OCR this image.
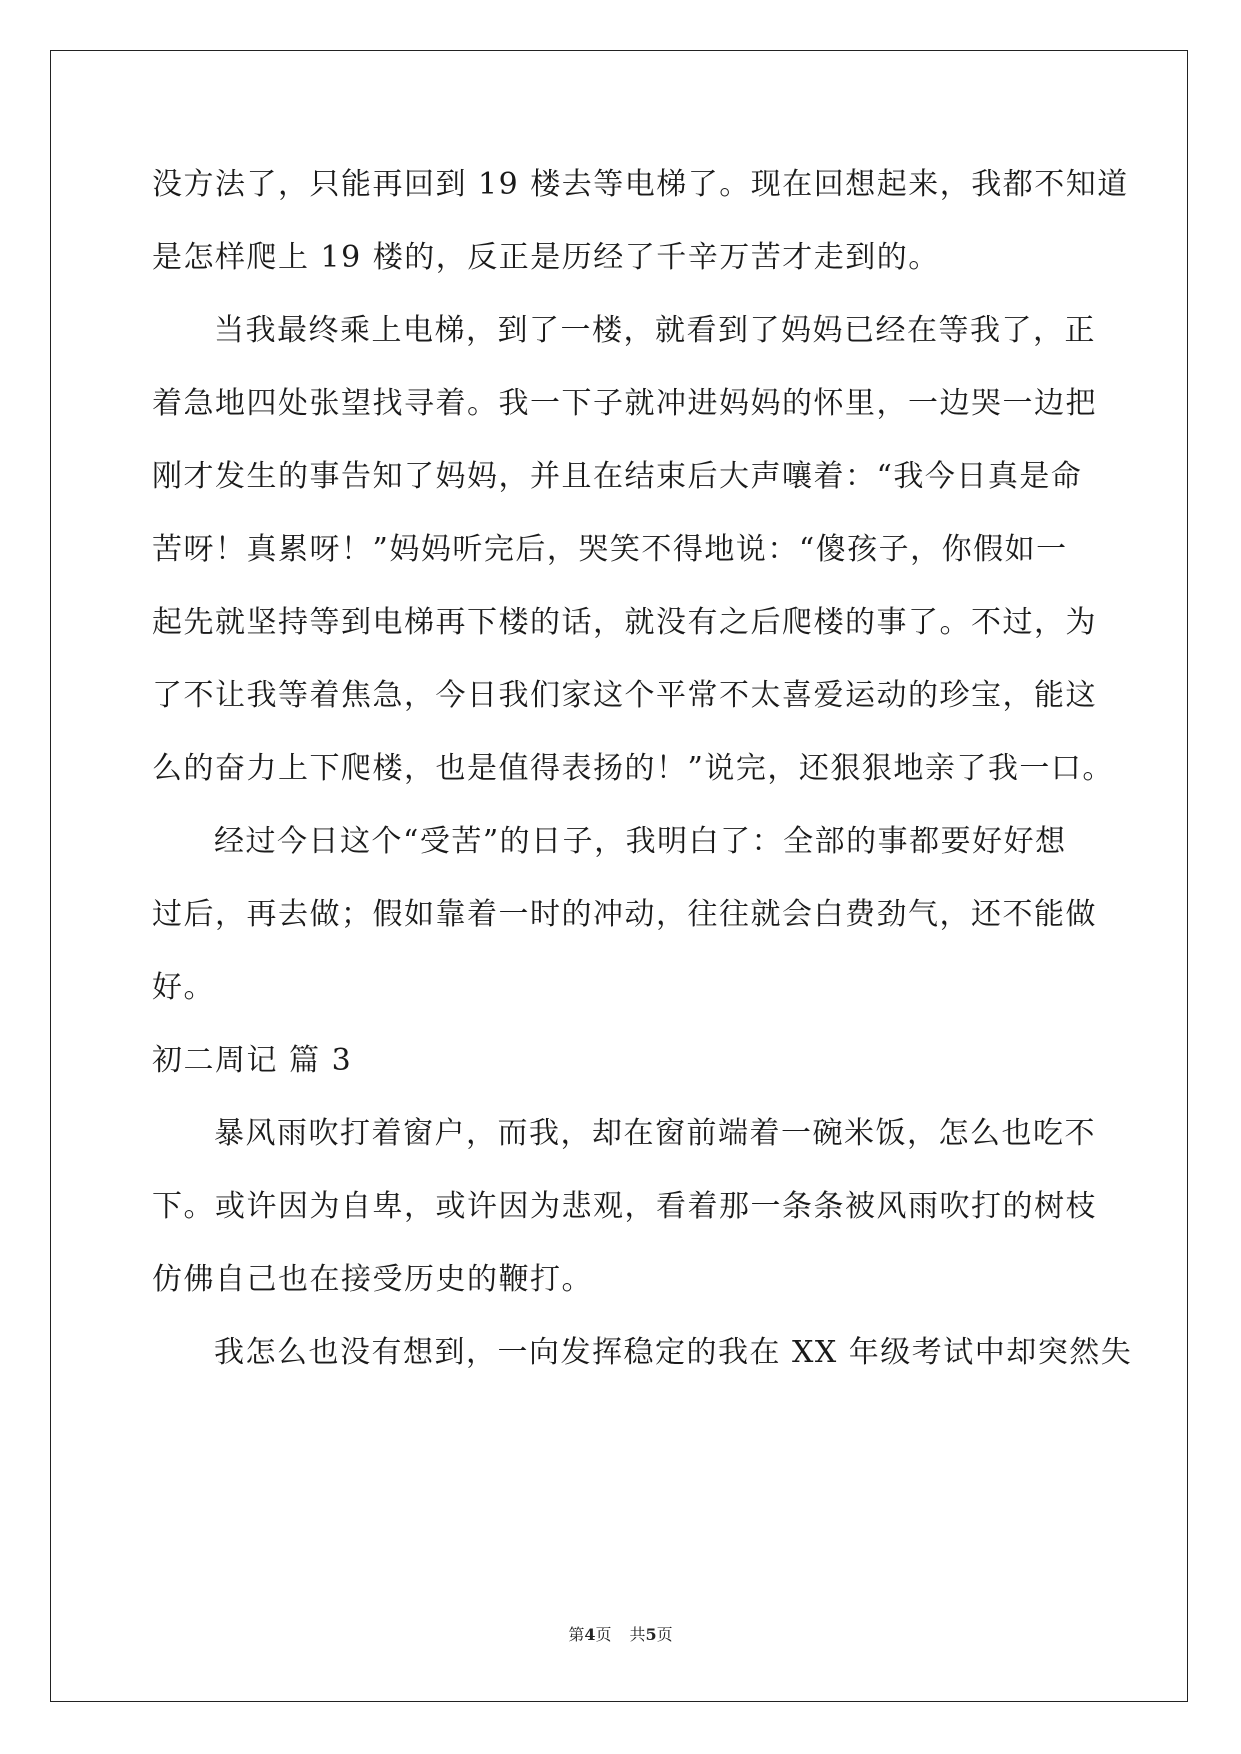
没方法了，只能再回到 19 楼去等电梯了。现在回想起来，我都不知道
是怎样爬上 19 楼的，反正是历经了千辛万苦才走到的。
当我最终乘上电梯，到了一楼，就看到了妈妈已经在等我了，正
着急地四处张望找寻着。我一下子就冲进妈妈的怀里，一边哭一边把
刚才发生的事告知了妈妈，并且在结束后大声嚷着：“我今日真是命
苦呀！真累呀！”妈妈听完后，哭笑不得地说：“傻孩子，你假如一
起先就坚持等到电梯再下楼的话，就没有之后爬楼的事了。不过，为
了不让我等着焦急，今日我们家这个平常不太喜爱运动的珍宝，能这
么的奋力上下爬楼，也是值得表扬的！”说完，还狠狠地亲了我一口。
经过今日这个“受苦”的日子，我明白了：全部的事都要好好想
过后，再去做；假如靠着一时的冲动，往往就会白费劲气，还不能做
好。
初二周记 篇 3
暴风雨吹打着窗户，而我，却在窗前端着一碗米饭，怎么也吃不
下。或许因为自卑，或许因为悲观，看着那一条条被风雨吹打的树枝
仿佛自己也在接受历史的鞭打。
我怎么也没有想到，一向发挥稳定的我在 XX 年级考试中却突然失
第4页 共5页
